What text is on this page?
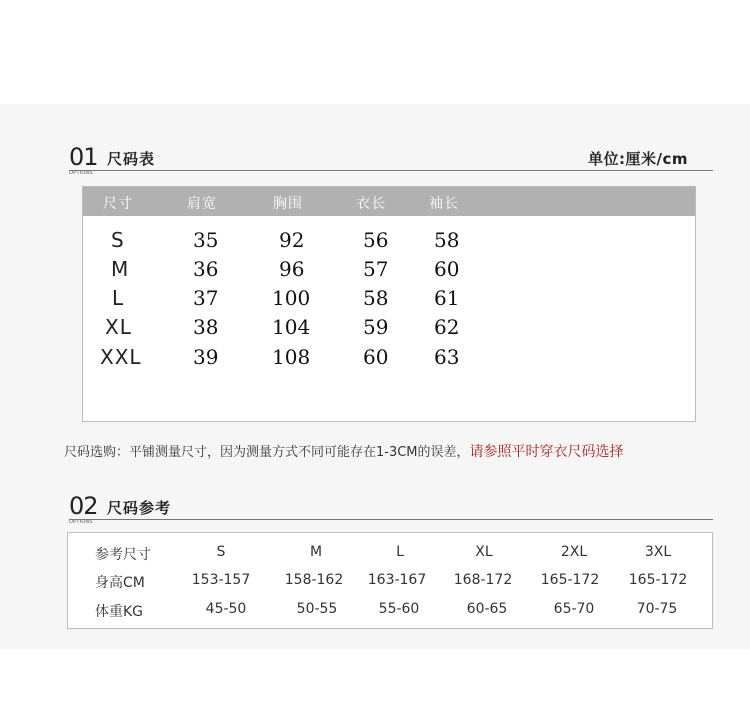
01
OPTIONS
尺码表	单位:厘米/cm
尺寸	肩宽	胸围	衣长	袖长
S	35	92	56 58
M	36	96	57 60
L	37	100	58 61
XL	38	104	59 62
XXL	39	108	60 63
尺码选购：平铺测量尺寸，因为测量方式不同可能存在1-3CM的误差，请参照平时穿衣尺码选择
02
OPTIONS
尺码参考
参考尺寸	S	M	L	XL	2XL	3XL
身高CM	153-157 158-162 163-167 168-172 165-172 165-172
体重KG	45-50	50-55	55-60	60-65	65-70	70-75
